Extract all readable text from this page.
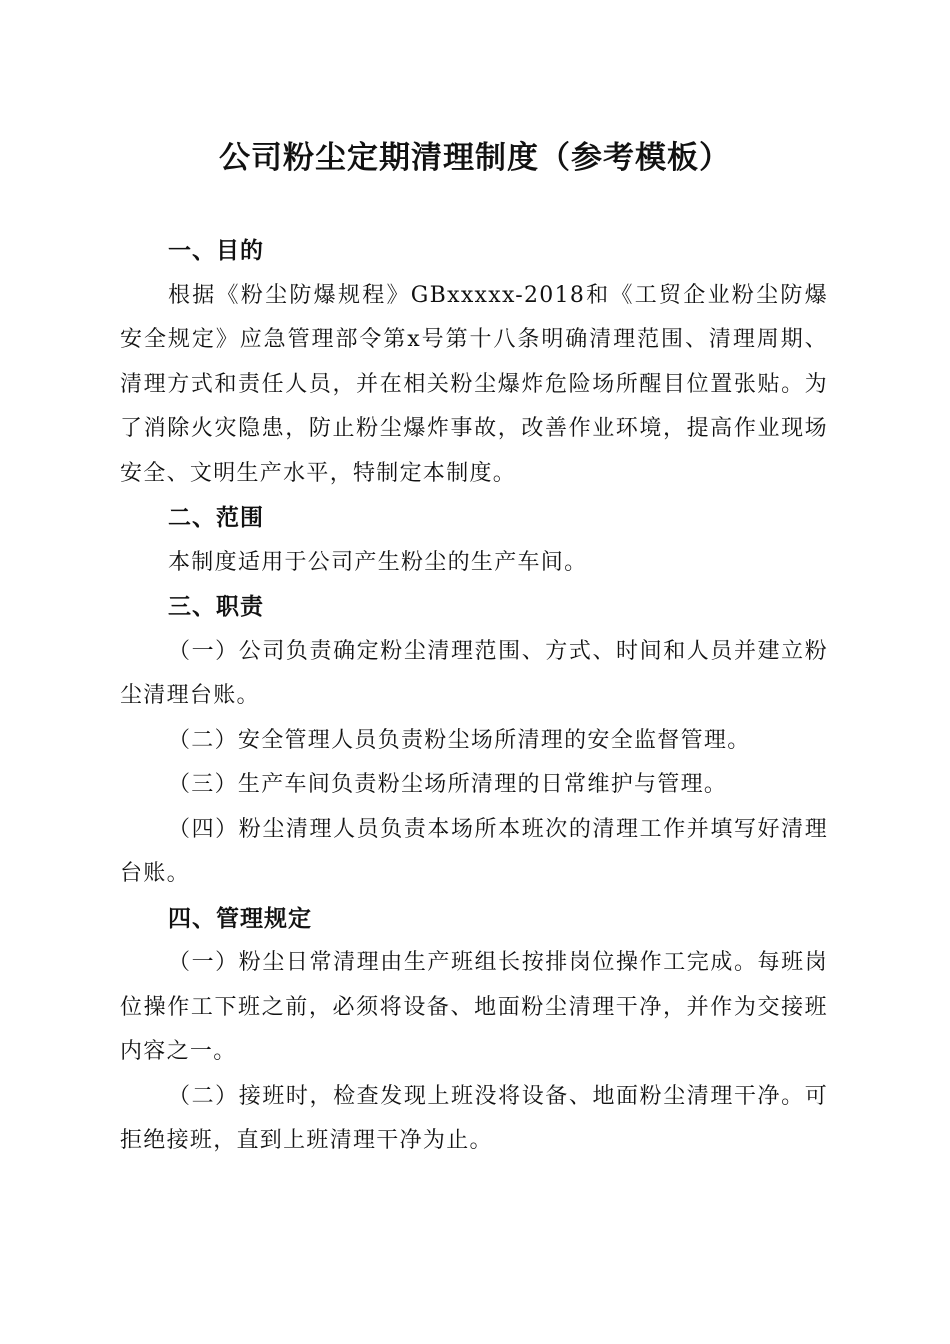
公司粉尘定期清理制度（参考模板）
一、目的

根据《粉尘防爆规程》GBxxxxx-2018和《工贸企业粉尘防爆安全规定》应急管理部令第x号第十八条明确清理范围、清理周期、清理方式和责任人员，并在相关粉尘爆炸危险场所醒目位置张贴。为了消除火灾隐患，防止粉尘爆炸事故，改善作业环境，提高作业现场安全、文明生产水平，特制定本制度。

二、范围

本制度适用于公司产生粉尘的生产车间。

三、职责

（一）公司负责确定粉尘清理范围、方式、时间和人员并建立粉尘清理台账。

（二）安全管理人员负责粉尘场所清理的安全监督管理。

（三）生产车间负责粉尘场所清理的日常维护与管理。

（四）粉尘清理人员负责本场所本班次的清理工作并填写好清理台账。

四、管理规定

（一）粉尘日常清理由生产班组长按排岗位操作工完成。每班岗位操作工下班之前，必须将设备、地面粉尘清理干净，并作为交接班内容之一。

（二）接班时，检查发现上班没将设备、地面粉尘清理干净。可拒绝接班，直到上班清理干净为止。
